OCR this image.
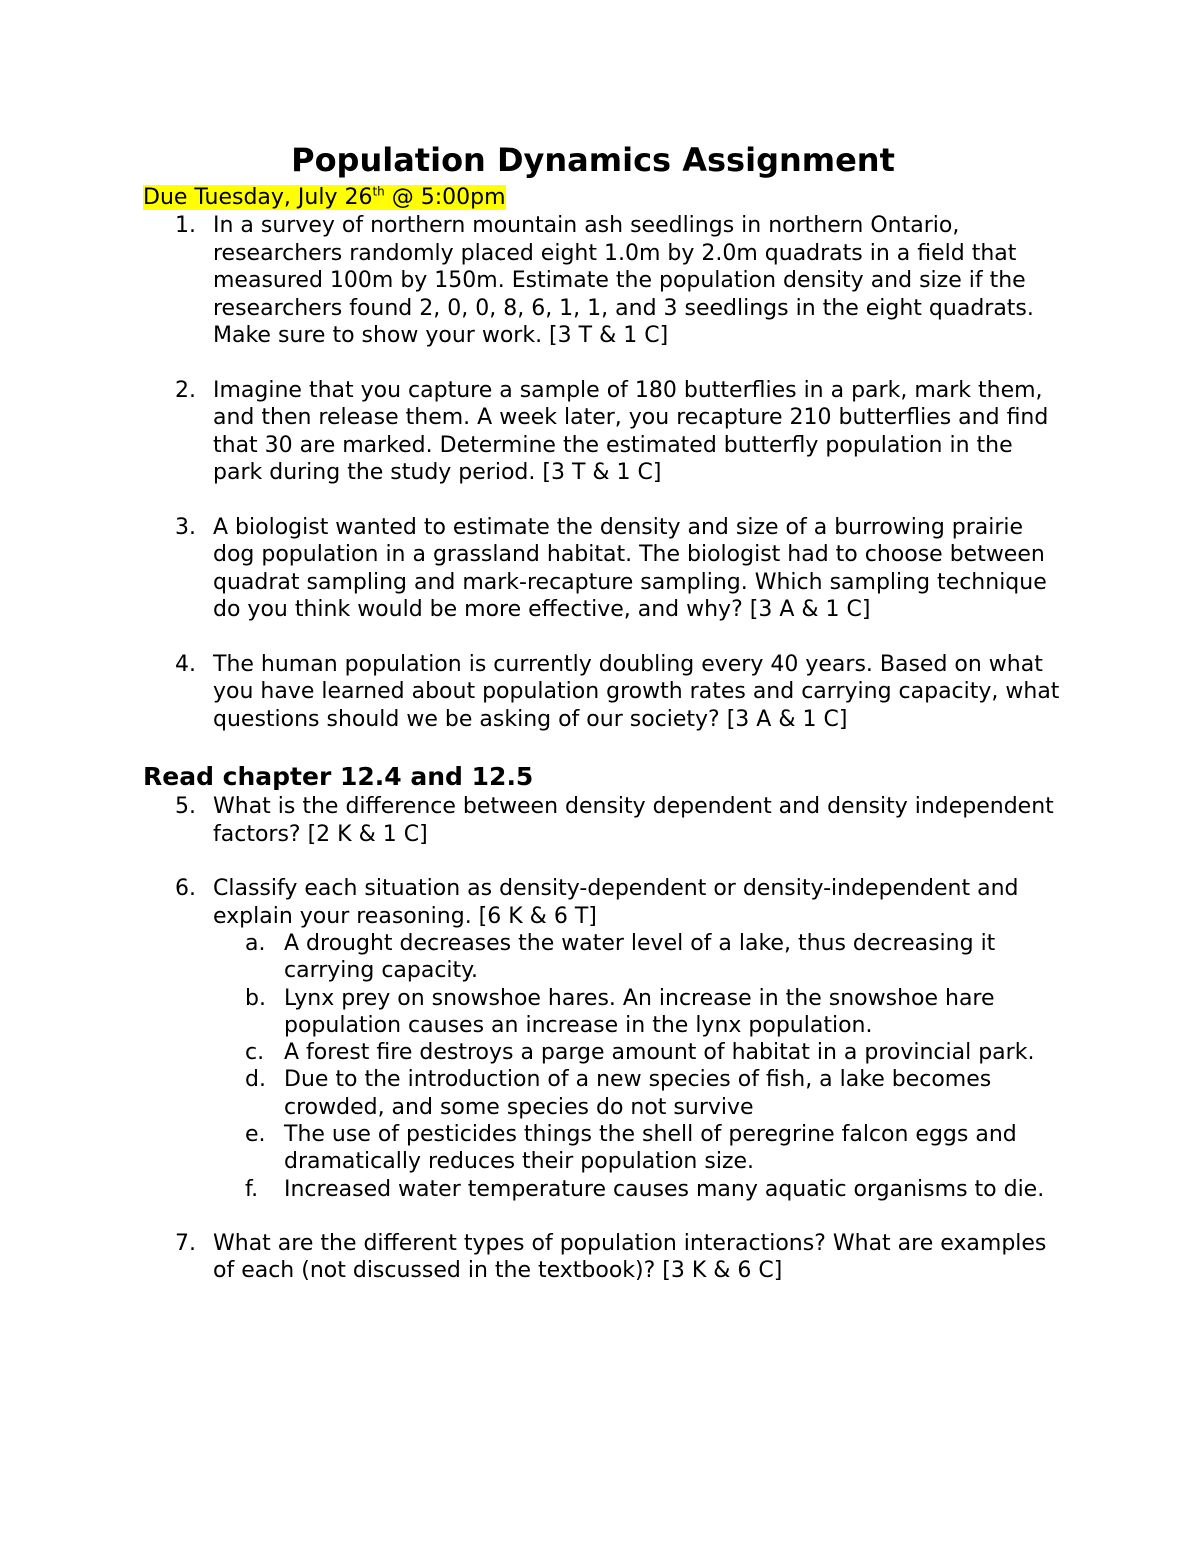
Population Dynamics Assignment

Due Tuesday, July 26th @ 5:00pm

1. In a survey of northern mountain ash seedlings in northern Ontario, researchers randomly placed eight 1.0m by 2.0m quadrats in a field that measured 100m by 150m. Estimate the population density and size if the researchers found 2, 0, 0, 8, 6, 1, 1, and 3 seedlings in the eight quadrats. Make sure to show your work. [3 T & 1 C]

2. Imagine that you capture a sample of 180 butterflies in a park, mark them, and then release them. A week later, you recapture 210 butterflies and find that 30 are marked. Determine the estimated butterfly population in the park during the study period. [3 T & 1 C]

3. A biologist wanted to estimate the density and size of a burrowing prairie dog population in a grassland habitat. The biologist had to choose between quadrat sampling and mark-recapture sampling. Which sampling technique do you think would be more effective, and why? [3 A & 1 C]

4. The human population is currently doubling every 40 years. Based on what you have learned about population growth rates and carrying capacity, what questions should we be asking of our society? [3 A & 1 C]

Read chapter 12.4 and 12.5

5. What is the difference between density dependent and density independent factors? [2 K & 1 C]

6. Classify each situation as density-dependent or density-independent and explain your reasoning. [6 K & 6 T]

a. A drought decreases the water level of a lake, thus decreasing it carrying capacity.

b. Lynx prey on snowshoe hares. An increase in the snowshoe hare population causes an increase in the lynx population.

c. A forest fire destroys a parge amount of habitat in a provincial park.

d. Due to the introduction of a new species of fish, a lake becomes crowded, and some species do not survive

e. The use of pesticides things the shell of peregrine falcon eggs and dramatically reduces their population size.

f. Increased water temperature causes many aquatic organisms to die.

7. What are the different types of population interactions? What are examples of each (not discussed in the textbook)? [3 K & 6 C]
